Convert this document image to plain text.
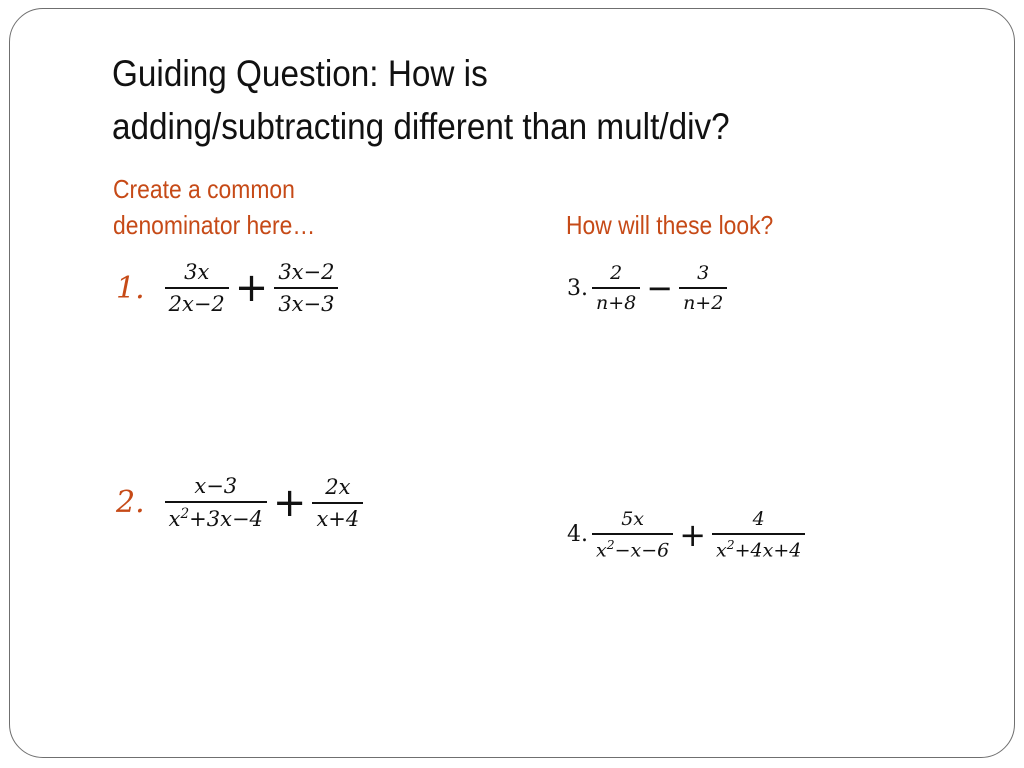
Guiding Question: How is
adding/subtracting different than mult/div?

Create a common
denominator here…	How will these look?

1. $\frac{3x}{2x-2} + \frac{3x-2}{3x-3}$
2. $\frac{x-3}{x^2+3x-4} + \frac{2x}{x+4}$
3. $\frac{2}{n+8} - \frac{3}{n+2}$
4. $\frac{5x}{x^2-x-6} + \frac{4}{x^2+4x+4}$
